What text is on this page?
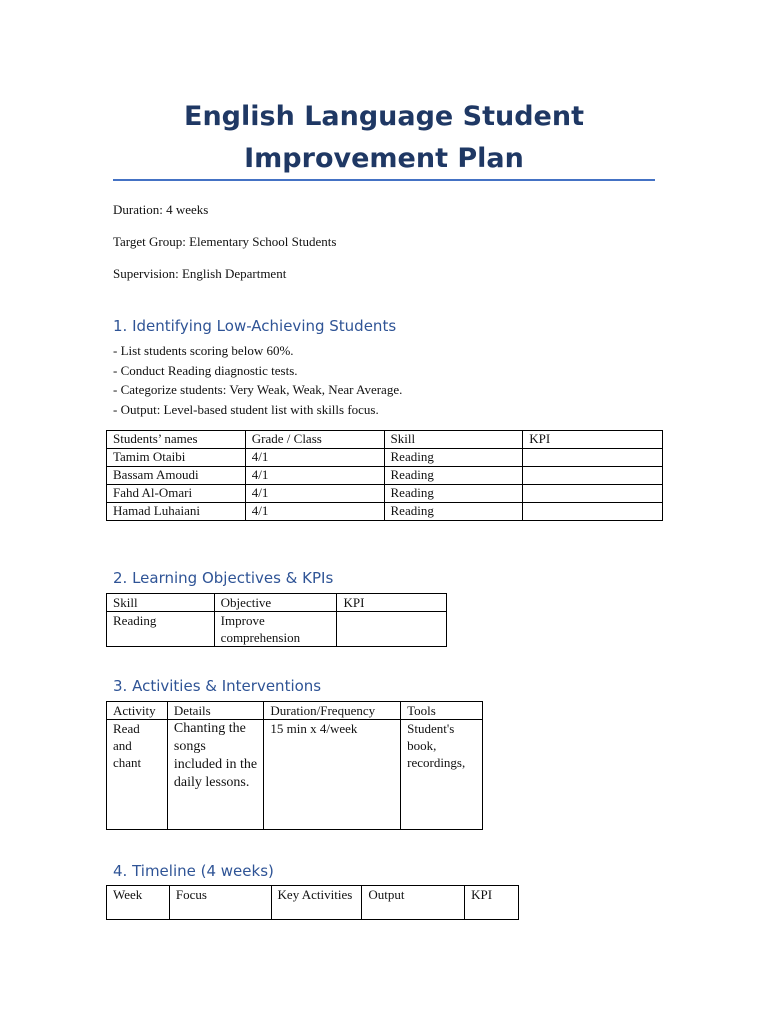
English Language Student
Improvement Plan

Duration: 4 weeks

Target Group: Elementary School Students

Supervision: English Department

1. Identifying Low-Achieving Students
- List students scoring below 60%.
- Conduct Reading diagnostic tests.
- Categorize students: Very Weak, Weak, Near Average.
- Output: Level-based student list with skills focus.
Students’ names	Grade / Class	Skill	KPI
Tamim Otaibi	4/1	Reading	
Bassam Amoudi	4/1	Reading	
Fahd Al-Omari	4/1	Reading	
Hamad Luhaiani	4/1	Reading	
2. Learning Objectives & KPIs
Skill	Objective	KPI
Reading	Improve comprehension	
3. Activities & Interventions
Activity	Details	Duration/Frequency	Tools
Read and chant	Chanting the songs included in the daily lessons.	15 min x 4/week	Student's book, recordings,
4. Timeline (4 weeks)
Week	Focus	Key Activities	Output	KPI
